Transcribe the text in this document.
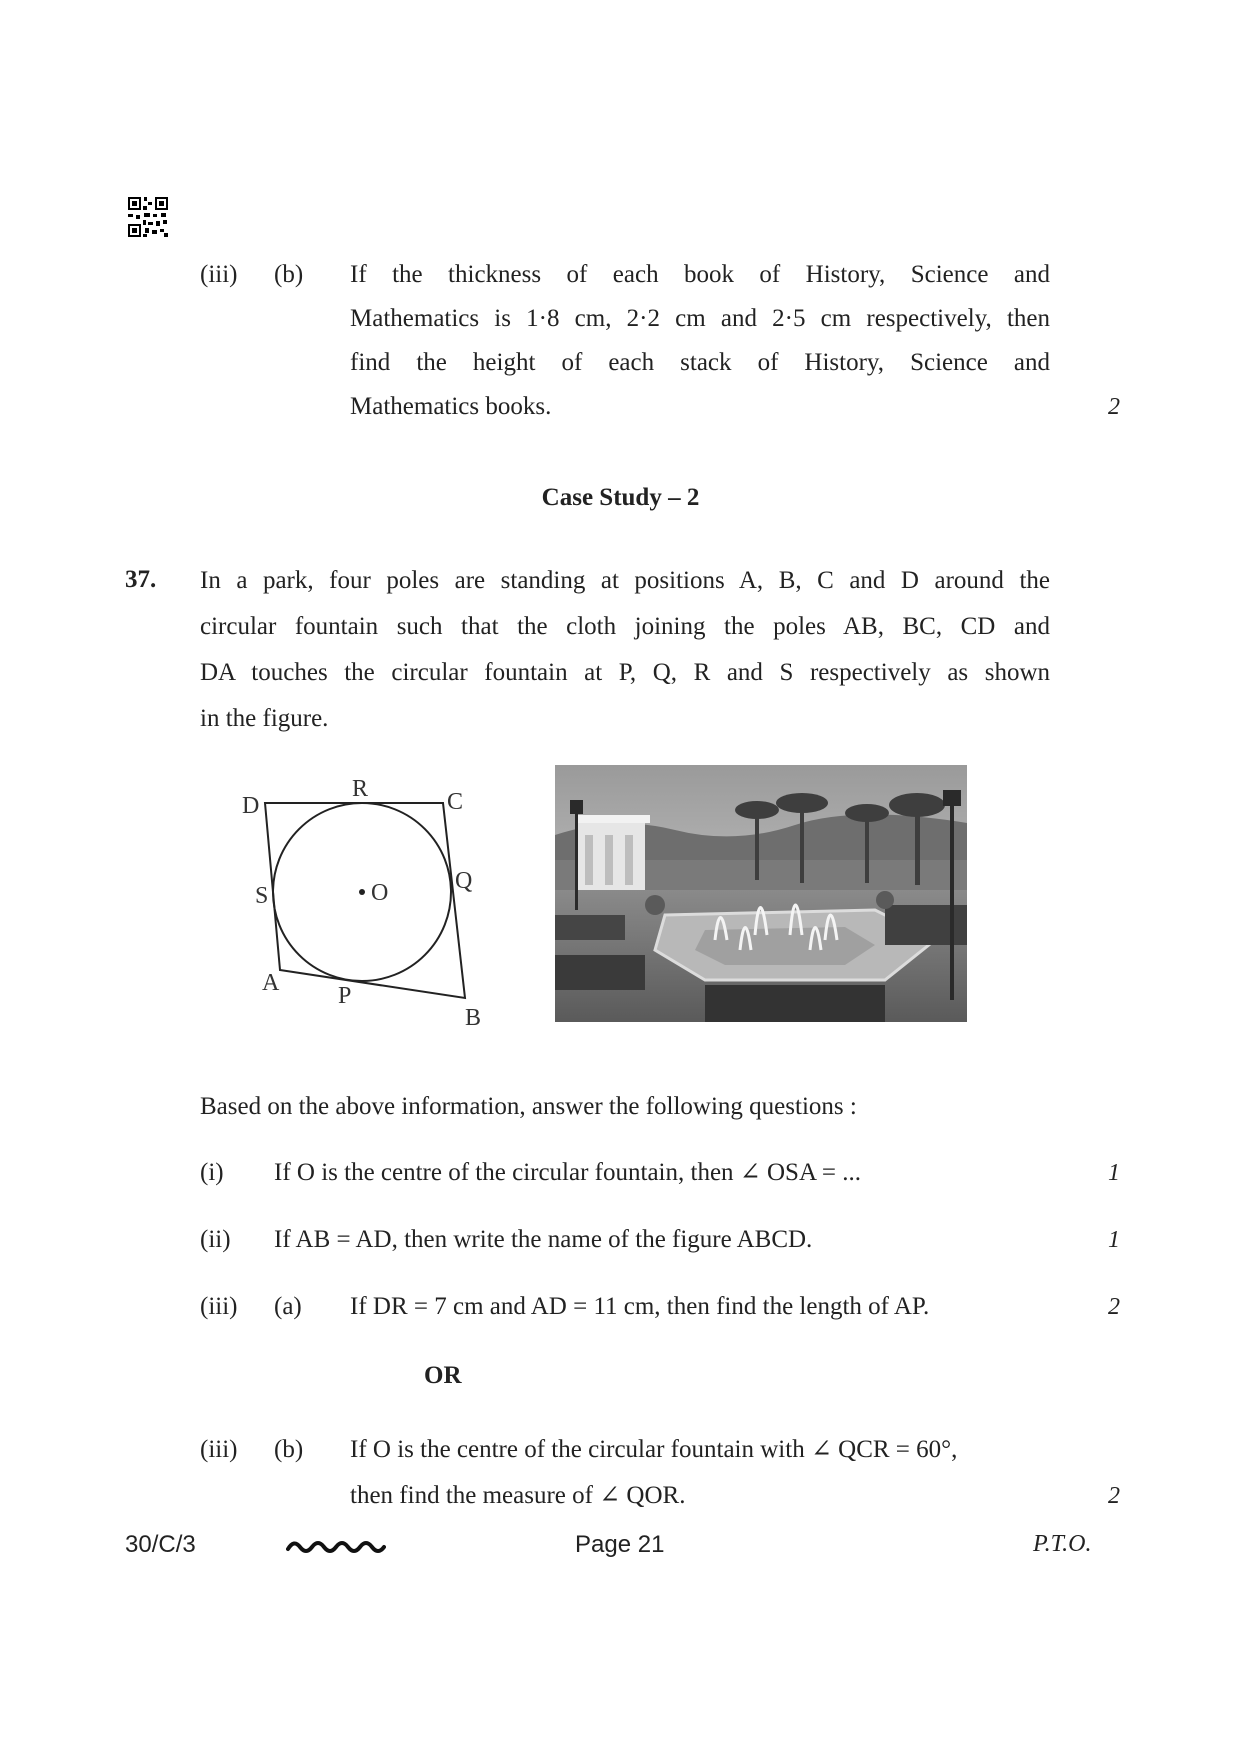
(iii) (b) If the thickness of each book of History, Science and
Mathematics is 1·8 cm, 2·2 cm and 2·5 cm respectively, then
find the height of each stack of History, Science and
Mathematics books.	2
Case Study – 2
37. In a park, four poles are standing at positions A, B, C and D around the
circular fountain such that the cloth joining the poles AB, BC, CD and
DA touches the circular fountain at P, Q, R and S respectively as shown
in the figure.
D
R	C
S	O	Q
A P
B
Based on the above information, answer the following questions :
(i) If O is the centre of the circular fountain, then ∠ OSA = ...	1
(ii) If AB = AD, then write the name of the figure ABCD.	1
(iii) (a) If DR = 7 cm and AD = 11 cm, then find the length of AP.	2
OR
(iii) (b) If O is the centre of the circular fountain with ∠ QCR = 60°,
then find the measure of ∠ QOR.	2
30/C/3	Page 21	P.T.O.
